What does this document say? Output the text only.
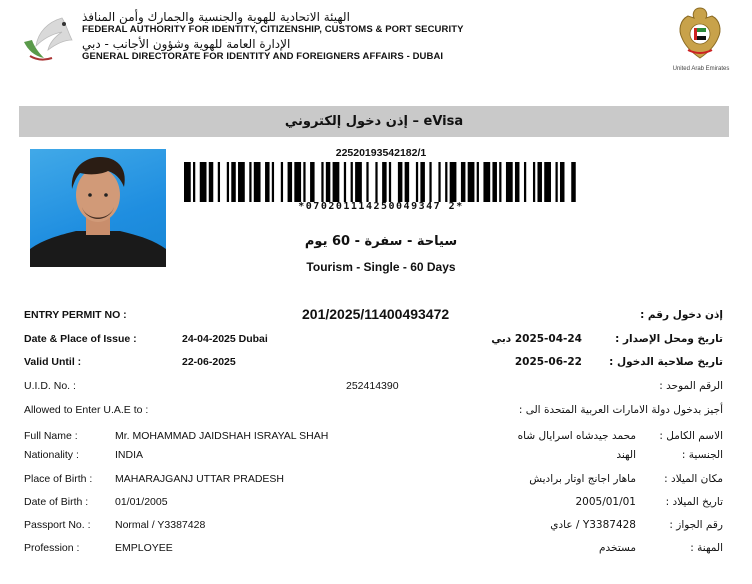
الهيئة الاتحادية للهوية والجنسية والجمارك وأمن المنافذ
FEDERAL AUTHORITY FOR IDENTITY, CITIZENSHIP, CUSTOMS & PORT SECURITY
الإدارة العامة للهوية وشؤون الأجانب - دبي
GENERAL DIRECTORATE FOR IDENTITY AND FOREIGNERS AFFAIRS - DUBAI
United Arab Emirates
إذن دخول إلكتروني – eVisa
22520193542182/1
*070201114250049347 2*
سياحة - سفرة - 60 يوم
Tourism - Single - 60 Days
ENTRY PERMIT NO :	201/2025/11400493472	إذن دخول رقم :
Date & Place of Issue :	24-04-2025 Dubai	2025-04-24 دبي	تاريخ ومحل الإصدار :
Valid Until :	22-06-2025	2025-06-22	تاريخ صلاحية الدخول :
U.I.D. No. :	252414390	الرقم الموحد :
Allowed to Enter U.A.E to :	أجيز بدخول دولة الامارات العربية المتحدة الى :
Full Name :	Mr. MOHAMMAD JAIDSHAH ISRAYAL SHAH	محمد جيدشاه اسرايال شاه الاسم الكامل :
Nationality :	INDIA	الهند	الجنسية :
Place of Birth : MAHARAJGANJ UTTAR PRADESH	ماهار اجانج اوتار براديش	مكان الميلاد :
Date of Birth :	01/01/2005	2005/01/01	تاريخ الميلاد :
Passport No. : Normal / Y3387428	Y3387428 / عادي	رقم الجواز :
Profession :	EMPLOYEE	مستخدم	المهنة :
